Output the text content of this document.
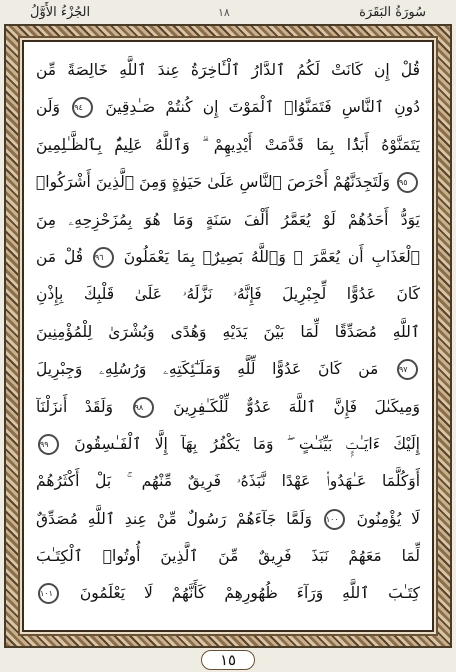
الجُزْءُ الأَوَّلُ	١٨	سُورَةُ البَقَرَة
قُلْ إِن كَانَتْ لَكُمُ ٱلدَّارُ ٱلْـَٔاخِرَةُ عِندَ ٱللَّهِ خَالِصَةً مِّن
دُونِ ٱلنَّاسِ فَتَمَنَّوُا۟ ٱلْمَوْتَ إِن كُنتُمْ صَـٰدِقِينَ ٩٤ وَلَن
يَتَمَنَّوْهُ أَبَدًۢا بِمَا قَدَّمَتْ أَيْدِيهِمْ ۗ وَٱللَّهُ عَلِيمٌۢ بِٱلظَّـٰلِمِينَ
٩٥ وَلَتَجِدَنَّهُمْ أَحْرَصَ ٱلنَّاسِ عَلَىٰ حَيَوٰةٍ وَمِنَ ٱلَّذِينَ أَشْرَكُوا۟
يَوَدُّ أَحَدُهُمْ لَوْ يُعَمَّرُ أَلْفَ سَنَةٍ وَمَا هُوَ بِمُزَحْزِحِهِۦ مِنَ
ٱلْعَذَابِ أَن يُعَمَّرَ ۗ وَٱللَّهُ بَصِيرٌۢ بِمَا يَعْمَلُونَ ٩٦ قُلْ مَن
كَانَ عَدُوًّا لِّجِبْرِيلَ فَإِنَّهُۥ نَزَّلَهُۥ عَلَىٰ قَلْبِكَ بِإِذْنِ
ٱللَّهِ مُصَدِّقًا لِّمَا بَيْنَ يَدَيْهِ وَهُدًى وَبُشْرَىٰ لِلْمُؤْمِنِينَ
٩٧ مَن كَانَ عَدُوًّا لِّلَّهِ وَمَلَـٰٓئِكَتِهِۦ وَرُسُلِهِۦ وَجِبْرِيلَ
وَمِيكَىٰلَ فَإِنَّ ٱللَّهَ عَدُوٌّ لِّلْكَـٰفِرِينَ ٩٨ وَلَقَدْ أَنزَلْنَآ
إِلَيْكَ ءَايَـٰتٍۭ بَيِّنَـٰتٍ ۖ وَمَا يَكْفُرُ بِهَآ إِلَّا ٱلْفَـٰسِقُونَ ٩٩
أَوَكُلَّمَا عَـٰهَدُوا۟ عَهْدًا نَّبَذَهُۥ فَرِيقٌ مِّنْهُم ۚ بَلْ أَكْثَرُهُمْ
لَا يُؤْمِنُونَ ١٠٠ وَلَمَّا جَآءَهُمْ رَسُولٌ مِّنْ عِندِ ٱللَّهِ مُصَدِّقٌ
لِّمَا مَعَهُمْ نَبَذَ فَرِيقٌ مِّنَ ٱلَّذِينَ أُوتُوا۟ ٱلْكِتَـٰبَ
كِتَـٰبَ ٱللَّهِ وَرَآءَ ظُهُورِهِمْ كَأَنَّهُمْ لَا يَعْلَمُونَ ١٠١
١٥
